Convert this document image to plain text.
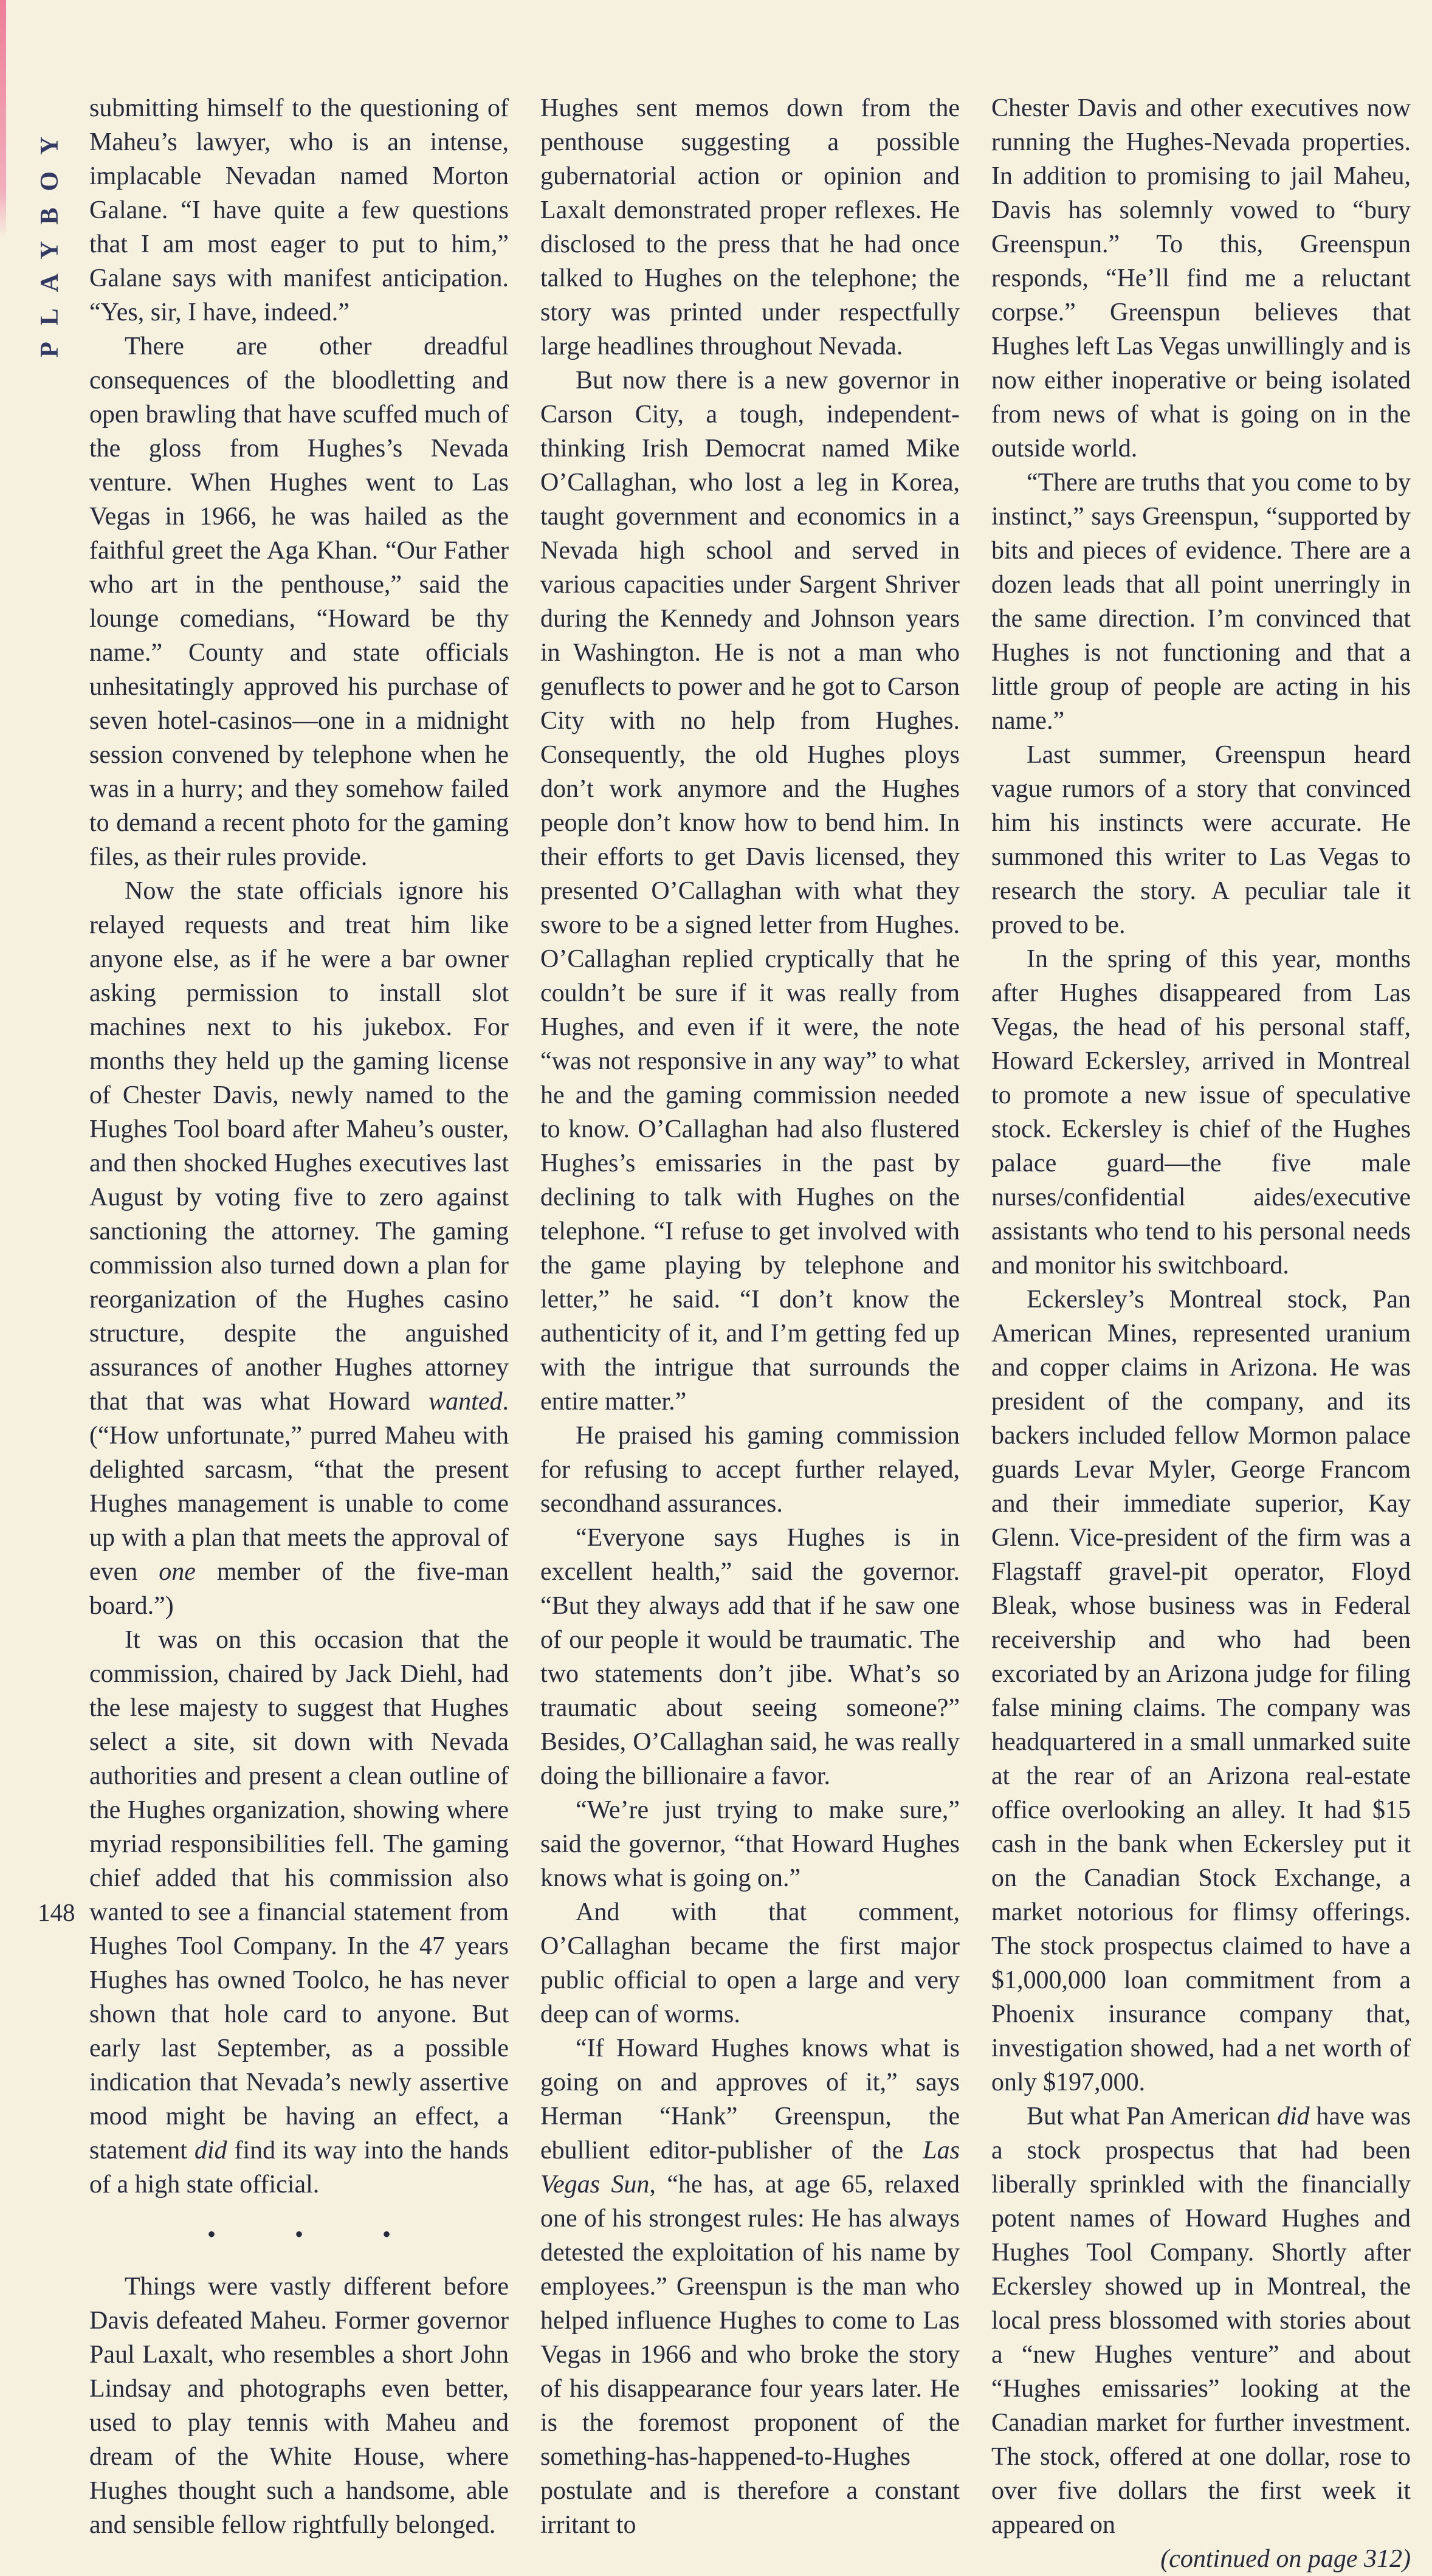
PLAYBOY

submitting himself to the questioning of Maheu’s lawyer, who is an intense, implacable Nevadan named Morton Galane. “I have quite a few questions that I am most eager to put to him,” Galane says with manifest anticipation. “Yes, sir, I have, indeed.”

There are other dreadful consequences of the bloodletting and open brawling that have scuffed much of the gloss from Hughes’s Nevada venture. When Hughes went to Las Vegas in 1966, he was hailed as the faithful greet the Aga Khan. “Our Father who art in the penthouse,” said the lounge comedians, “Howard be thy name.” County and state officials unhesitatingly approved his purchase of seven hotel-casinos—one in a midnight session convened by telephone when he was in a hurry; and they somehow failed to demand a recent photo for the gaming files, as their rules provide.

Now the state officials ignore his relayed requests and treat him like anyone else, as if he were a bar owner asking permission to install slot machines next to his jukebox. For months they held up the gaming license of Chester Davis, newly named to the Hughes Tool board after Maheu’s ouster, and then shocked Hughes executives last August by voting five to zero against sanctioning the attorney. The gaming commission also turned down a plan for reorganization of the Hughes casino structure, despite the anguished assurances of another Hughes attorney that that was what Howard wanted. (“How unfortunate,” purred Maheu with delighted sarcasm, “that the present Hughes management is unable to come up with a plan that meets the approval of even one member of the five-man board.”)

It was on this occasion that the commission, chaired by Jack Diehl, had the lese majesty to suggest that Hughes select a site, sit down with Nevada authorities and present a clean outline of the Hughes organization, showing where myriad responsibilities fell. The gaming chief added that his commission also wanted to see a financial statement from Hughes Tool Company. In the 47 years Hughes has owned Toolco, he has never shown that hole card to anyone. But early last September, as a possible indication that Nevada’s newly assertive mood might be having an effect, a statement did find its way into the hands of a high state official.

• • •

Things were vastly different before Davis defeated Maheu. Former governor Paul Laxalt, who resembles a short John Lindsay and photographs even better, used to play tennis with Maheu and dream of the White House, where Hughes thought such a handsome, able and sensible fellow rightfully belonged.

Hughes sent memos down from the penthouse suggesting a possible gubernatorial action or opinion and Laxalt demonstrated proper reflexes. He disclosed to the press that he had once talked to Hughes on the telephone; the story was printed under respectfully large headlines throughout Nevada.

But now there is a new governor in Carson City, a tough, independent-thinking Irish Democrat named Mike O’Callaghan, who lost a leg in Korea, taught government and economics in a Nevada high school and served in various capacities under Sargent Shriver during the Kennedy and Johnson years in Washington. He is not a man who genuflects to power and he got to Carson City with no help from Hughes. Consequently, the old Hughes ploys don’t work anymore and the Hughes people don’t know how to bend him. In their efforts to get Davis licensed, they presented O’Callaghan with what they swore to be a signed letter from Hughes. O’Callaghan replied cryptically that he couldn’t be sure if it was really from Hughes, and even if it were, the note “was not responsive in any way” to what he and the gaming commission needed to know. O’Callaghan had also flustered Hughes’s emissaries in the past by declining to talk with Hughes on the telephone. “I refuse to get involved with the game playing by telephone and letter,” he said. “I don’t know the authenticity of it, and I’m getting fed up with the intrigue that surrounds the entire matter.”

He praised his gaming commission for refusing to accept further relayed, secondhand assurances.

“Everyone says Hughes is in excellent health,” said the governor. “But they always add that if he saw one of our people it would be traumatic. The two statements don’t jibe. What’s so traumatic about seeing someone?” Besides, O’Callaghan said, he was really doing the billionaire a favor.

“We’re just trying to make sure,” said the governor, “that Howard Hughes knows what is going on.”

And with that comment, O’Callaghan became the first major public official to open a large and very deep can of worms.

“If Howard Hughes knows what is going on and approves of it,” says Herman “Hank” Greenspun, the ebullient editor-publisher of the Las Vegas Sun, “he has, at age 65, relaxed one of his strongest rules: He has always detested the exploitation of his name by employees.” Greenspun is the man who helped influence Hughes to come to Las Vegas in 1966 and who broke the story of his disappearance four years later. He is the foremost proponent of the something-has-happened-to-Hughes postulate and is therefore a constant irritant to

Chester Davis and other executives now running the Hughes-Nevada properties. In addition to promising to jail Maheu, Davis has solemnly vowed to “bury Greenspun.” To this, Greenspun responds, “He’ll find me a reluctant corpse.” Greenspun believes that Hughes left Las Vegas unwillingly and is now either inoperative or being isolated from news of what is going on in the outside world.

“There are truths that you come to by instinct,” says Greenspun, “supported by bits and pieces of evidence. There are a dozen leads that all point unerringly in the same direction. I’m convinced that Hughes is not functioning and that a little group of people are acting in his name.”

Last summer, Greenspun heard vague rumors of a story that convinced him his instincts were accurate. He summoned this writer to Las Vegas to research the story. A peculiar tale it proved to be.

In the spring of this year, months after Hughes disappeared from Las Vegas, the head of his personal staff, Howard Eckersley, arrived in Montreal to promote a new issue of speculative stock. Eckersley is chief of the Hughes palace guard—the five male nurses/confidential aides/executive assistants who tend to his personal needs and monitor his switchboard.

Eckersley’s Montreal stock, Pan American Mines, represented uranium and copper claims in Arizona. He was president of the company, and its backers included fellow Mormon palace guards Levar Myler, George Francom and their immediate superior, Kay Glenn. Vice-president of the firm was a Flagstaff gravel-pit operator, Floyd Bleak, whose business was in Federal receivership and who had been excoriated by an Arizona judge for filing false mining claims. The company was headquartered in a small unmarked suite at the rear of an Arizona real-estate office overlooking an alley. It had $15 cash in the bank when Eckersley put it on the Canadian Stock Exchange, a market notorious for flimsy offerings. The stock prospectus claimed to have a $1,000,000 loan commitment from a Phoenix insurance company that, investigation showed, had a net worth of only $197,000.

But what Pan American did have was a stock prospectus that had been liberally sprinkled with the financially potent names of Howard Hughes and Hughes Tool Company. Shortly after Eckersley showed up in Montreal, the local press blossomed with stories about a “new Hughes venture” and about “Hughes emissaries” looking at the Canadian market for further investment. The stock, offered at one dollar, rose to over five dollars the first week it appeared on

(continued on page 312)

148
